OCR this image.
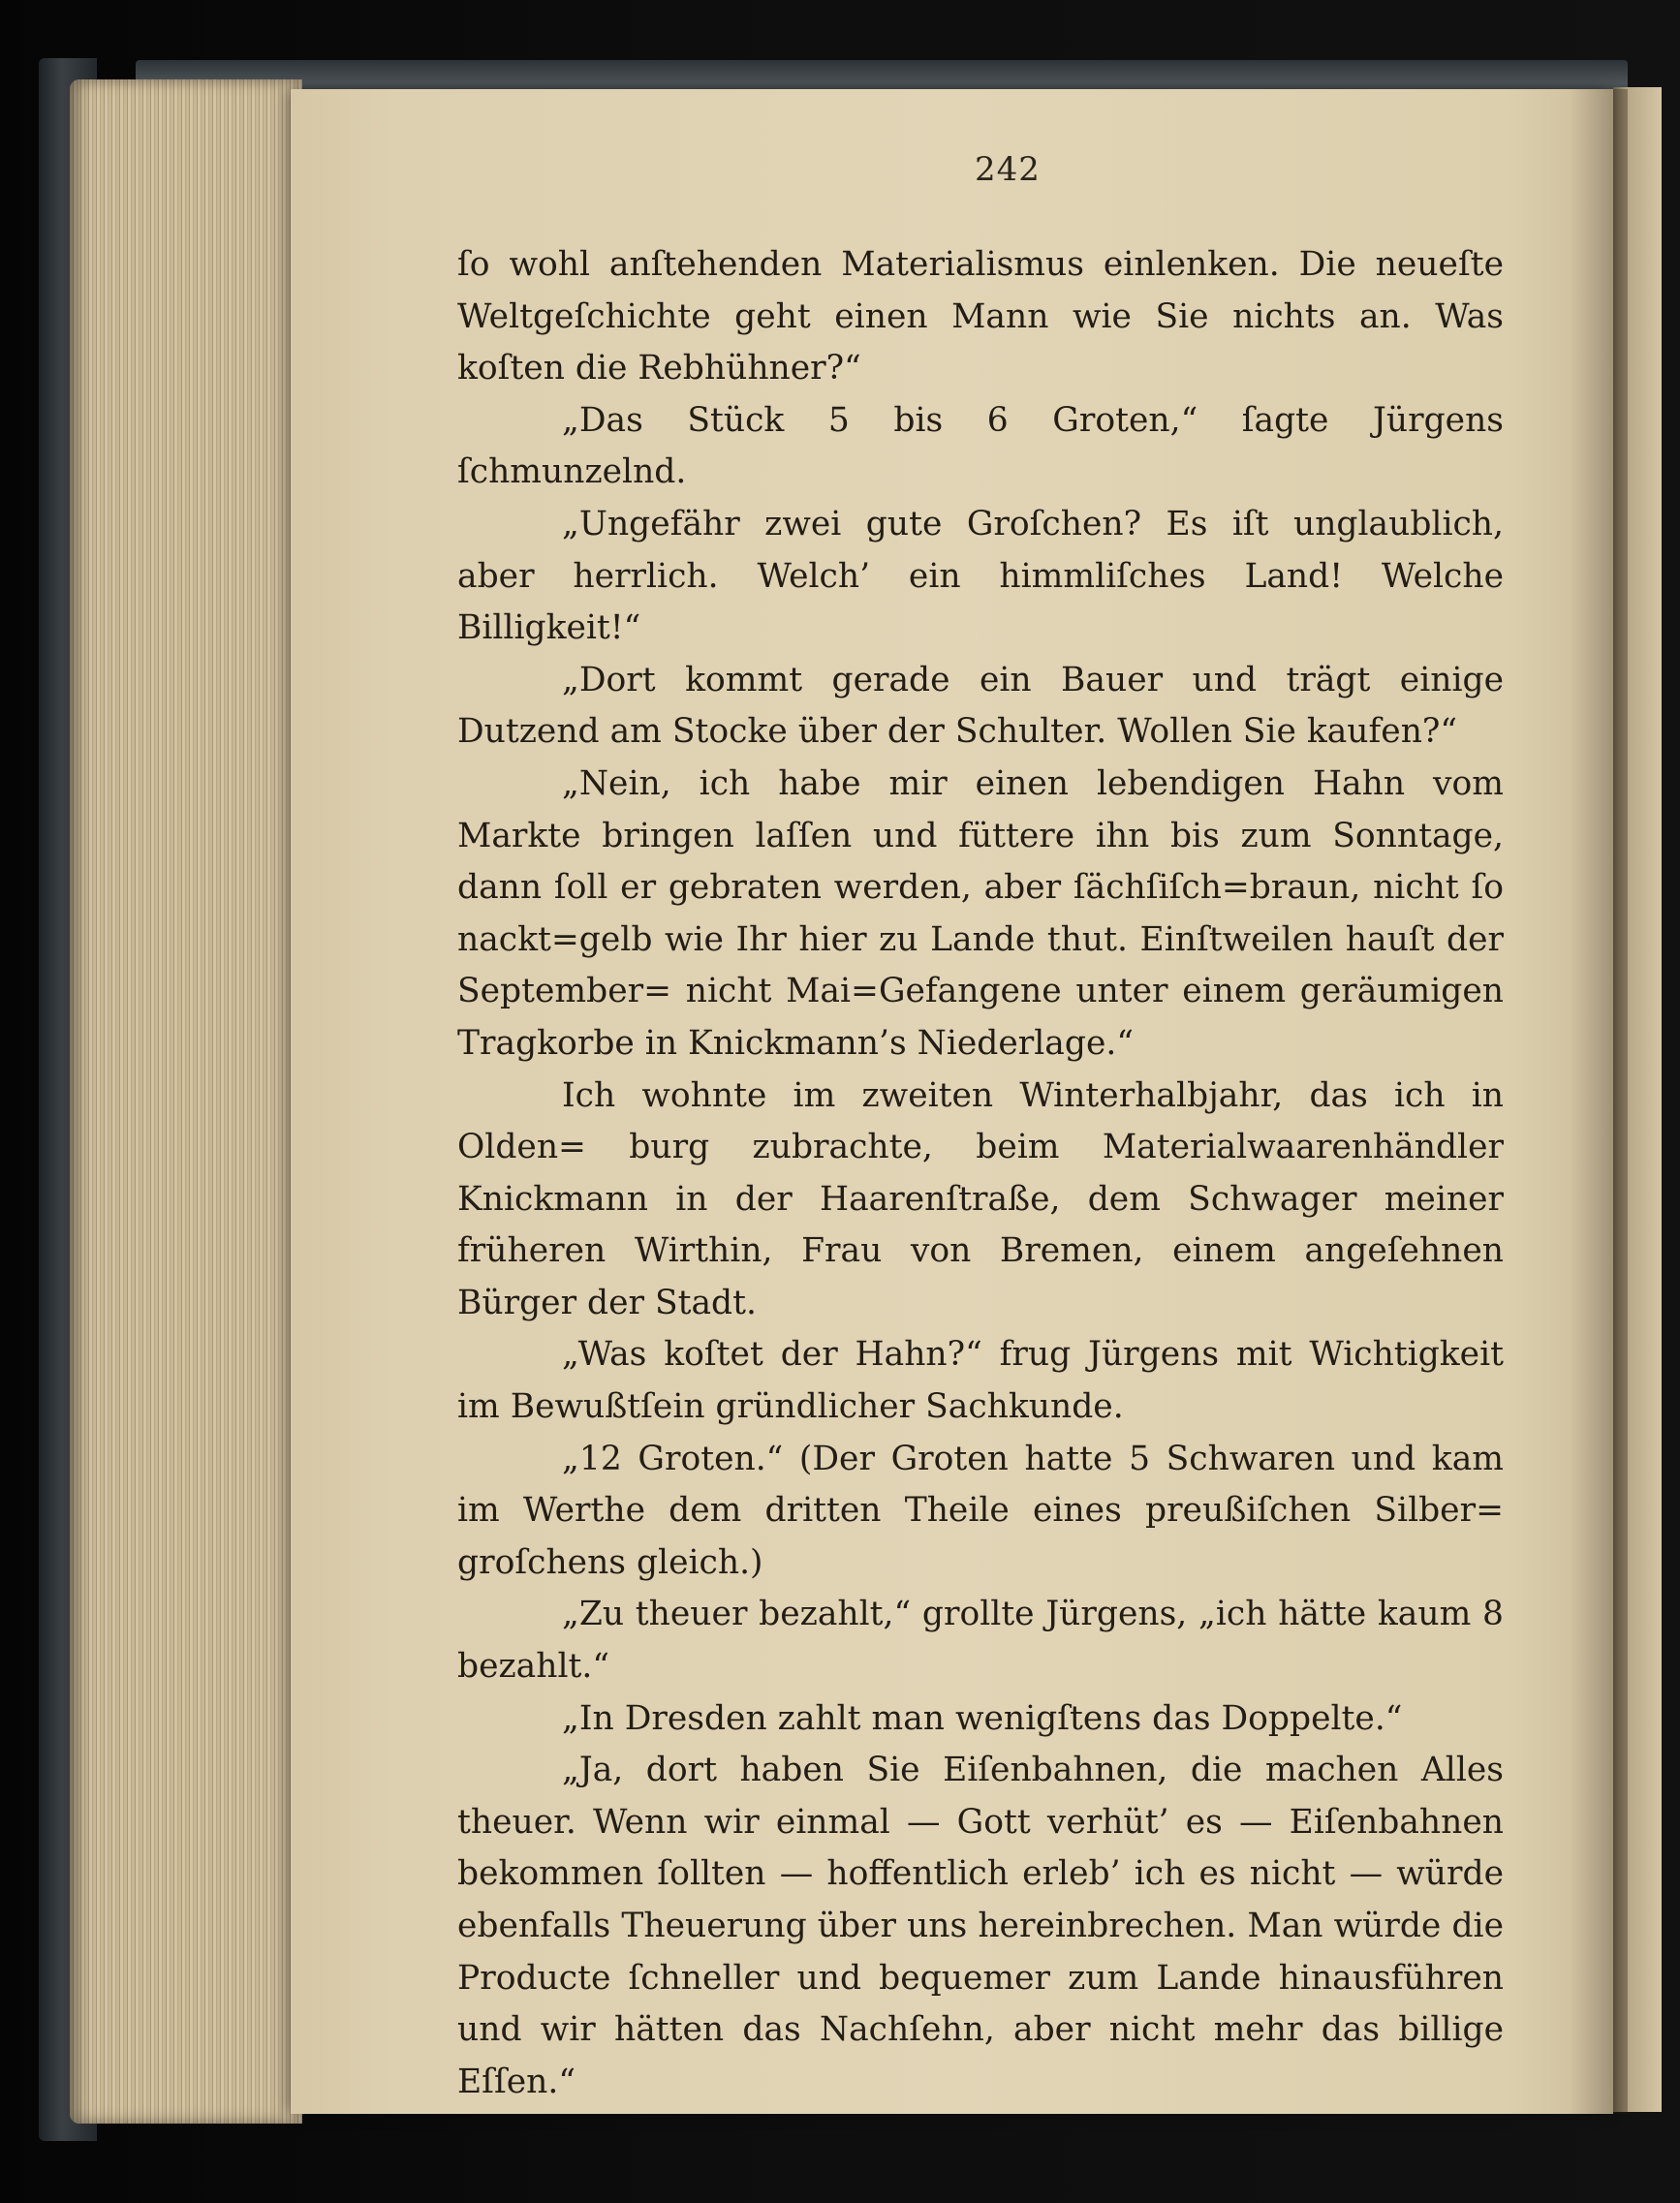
242

ſo wohl anſtehenden Materialismus einlenken. Die neueſte Weltgeſchichte geht einen Mann wie Sie nichts an. Was koſten die Rebhühner?“

„Das Stück 5 bis 6 Groten,“ ſagte Jürgens ſchmunzelnd.

„Ungefähr zwei gute Groſchen? Es iſt unglaublich, aber herrlich. Welch’ ein himmliſches Land! Welche Billigkeit!“

„Dort kommt gerade ein Bauer und trägt einige Dutzend am Stocke über der Schulter. Wollen Sie kaufen?“

„Nein, ich habe mir einen lebendigen Hahn vom Markte bringen laſſen und füttere ihn bis zum Sonntage, dann ſoll er gebraten werden, aber ſächſiſch=braun, nicht ſo nackt=gelb wie Ihr hier zu Lande thut. Einſtweilen hauſt der September= nicht Mai=Gefangene unter einem geräumigen Tragkorbe in Knickmann’s Niederlage.“

Ich wohnte im zweiten Winterhalbjahr, das ich in Olden= burg zubrachte, beim Materialwaarenhändler Knickmann in der Haarenſtraße, dem Schwager meiner früheren Wirthin, Frau von Bremen, einem angeſehnen Bürger der Stadt.

„Was koſtet der Hahn?“ frug Jürgens mit Wichtigkeit im Bewußtſein gründlicher Sachkunde.

„12 Groten.“ (Der Groten hatte 5 Schwaren und kam im Werthe dem dritten Theile eines preußiſchen Silber= groſchens gleich.)

„Zu theuer bezahlt,“ grollte Jürgens, „ich hätte kaum 8 bezahlt.“

„In Dresden zahlt man wenigſtens das Doppelte.“

„Ja, dort haben Sie Eiſenbahnen, die machen Alles theuer. Wenn wir einmal — Gott verhüt’ es — Eiſenbahnen bekommen ſollten — hoffentlich erleb’ ich es nicht — würde ebenfalls Theuerung über uns hereinbrechen. Man würde die Producte ſchneller und bequemer zum Lande hinausführen und wir hätten das Nachſehn, aber nicht mehr das billige Eſſen.“
